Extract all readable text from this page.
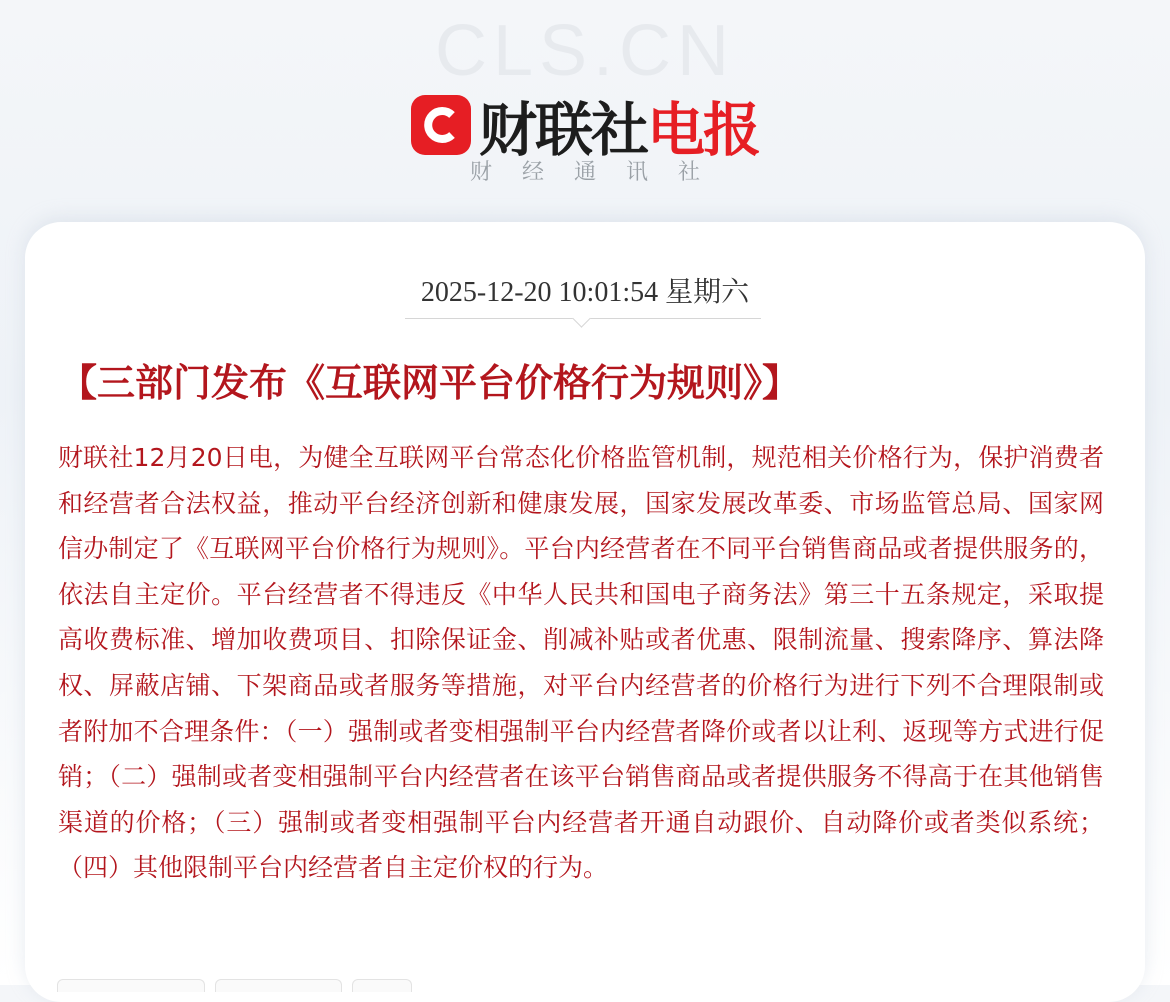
CLS.CN
财联社 电报
财经通讯社
2025-12-20 10:01:54 星期六
【三部门发布《互联网平台价格行为规则》】

财联社12月20日电，为健全互联网平台常态化价格监管机制，规范相关价格行为，保护消费者和经营者合法权益，推动平台经济创新和健康发展，国家发展改革委、市场监管总局、国家网信办制定了《互联网平台价格行为规则》。平台内经营者在不同平台销售商品或者提供服务的，依法自主定价。平台经营者不得违反《中华人民共和国电子商务法》第三十五条规定，采取提高收费标准、增加收费项目、扣除保证金、削减补贴或者优惠、限制流量、搜索降序、算法降权、屏蔽店铺、下架商品或者服务等措施，对平台内经营者的价格行为进行下列不合理限制或者附加不合理条件：（一）强制或者变相强制平台内经营者降价或者以让利、返现等方式进行促销；（二）强制或者变相强制平台内经营者在该平台销售商品或者提供服务不得高于在其他销售渠道的价格；（三）强制或者变相强制平台内经营者开通自动跟价、自动降价或者类似系统；（四）其他限制平台内经营者自主定价权的行为。
